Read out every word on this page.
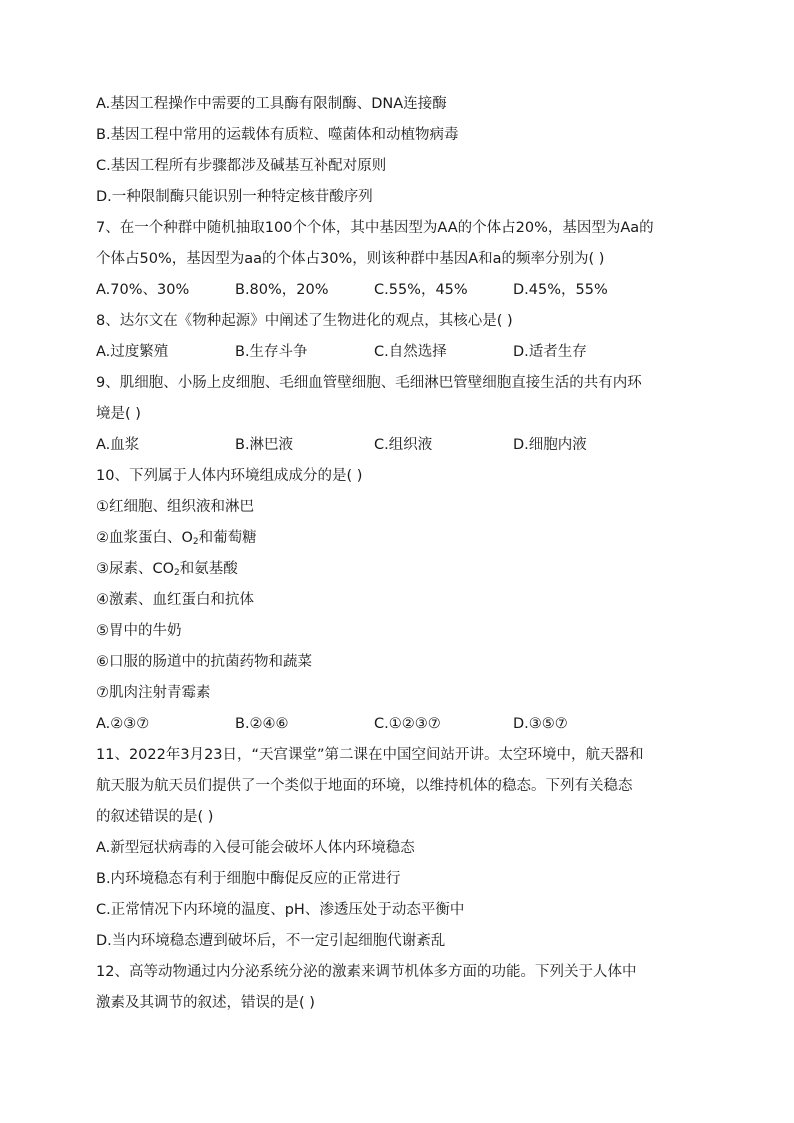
A.基因工程操作中需要的工具酶有限制酶、DNA连接酶
B.基因工程中常用的运载体有质粒、噬菌体和动植物病毒
C.基因工程所有步骤都涉及碱基互补配对原则
D.一种限制酶只能识别一种特定核苷酸序列
7、在一个种群中随机抽取100个个体，其中基因型为AA的个体占20%，基因型为Aa的
个体占50%，基因型为aa的个体占30%，则该种群中基因A和a的频率分别为( )
A.70%、30%	B.80%，20%	C.55%，45%	D.45%，55%
8、达尔文在《物种起源》中阐述了生物进化的观点，其核心是( )
A.过度繁殖	B.生存斗争	C.自然选择	D.适者生存
9、肌细胞、小肠上皮细胞、毛细血管壁细胞、毛细淋巴管壁细胞直接生活的共有内环
境是( )
A.血浆	B.淋巴液	C.组织液	D.细胞内液
10、下列属于人体内环境组成成分的是( )
①红细胞、组织液和淋巴
②血浆蛋白、$O_2$和葡萄糖
③尿素、$CO_2$和氨基酸
④激素、血红蛋白和抗体
⑤胃中的牛奶
⑥口服的肠道中的抗菌药物和蔬菜
⑦肌肉注射青霉素
A.②③⑦	B.②④⑥	C.①②③⑦	D.③⑤⑦
11、2022年3月23日，“天宫课堂”第二课在中国空间站开讲。太空环境中，航天器和
航天服为航天员们提供了一个类似于地面的环境，以维持机体的稳态。下列有关稳态
的叙述错误的是( )
A.新型冠状病毒的入侵可能会破坏人体内环境稳态
B.内环境稳态有利于细胞中酶促反应的正常进行
C.正常情况下内环境的温度、pH、渗透压处于动态平衡中
D.当内环境稳态遭到破坏后，不一定引起细胞代谢紊乱
12、高等动物通过内分泌系统分泌的激素来调节机体多方面的功能。下列关于人体中
激素及其调节的叙述，错误的是( )
